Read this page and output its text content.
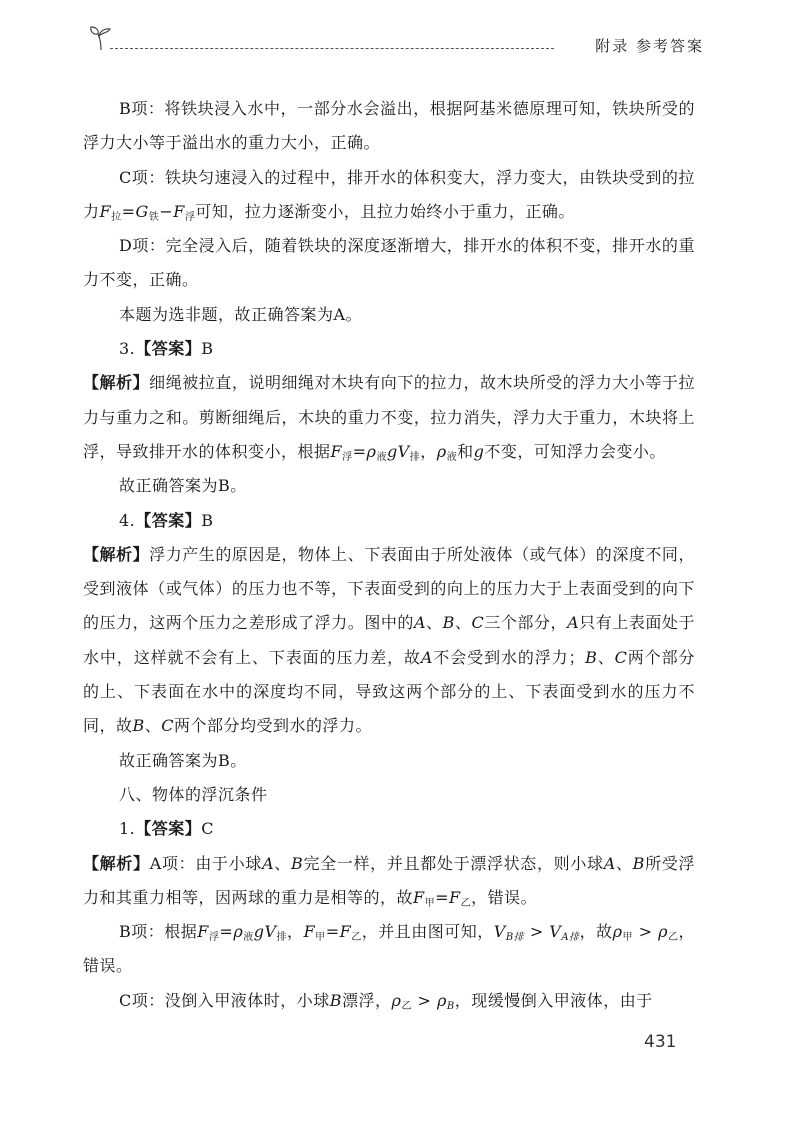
附录 参考答案

B项：将铁块浸入水中，一部分水会溢出，根据阿基米德原理可知，铁块所受的浮力大小等于溢出水的重力大小，正确。

C项：铁块匀速浸入的过程中，排开水的体积变大，浮力变大，由铁块受到的拉力$F_拉=G_铁-F_浮$可知，拉力逐渐变小，且拉力始终小于重力，正确。

D项：完全浸入后，随着铁块的深度逐渐增大，排开水的体积不变，排开水的重力不变，正确。

本题为选非题，故正确答案为A。

3.【答案】B

【解析】细绳被拉直，说明细绳对木块有向下的拉力，故木块所受的浮力大小等于拉力与重力之和。剪断细绳后，木块的重力不变，拉力消失，浮力大于重力，木块将上浮，导致排开水的体积变小，根据$F_浮=\rho_液gV_排$，$\rho_液$和g不变，可知浮力会变小。

故正确答案为B。

4.【答案】B

【解析】浮力产生的原因是，物体上、下表面由于所处液体（或气体）的深度不同，受到液体（或气体）的压力也不等，下表面受到的向上的压力大于上表面受到的向下的压力，这两个压力之差形成了浮力。图中的A、B、C三个部分，A只有上表面处于水中，这样就不会有上、下表面的压力差，故A不会受到水的浮力；B、C两个部分的上、下表面在水中的深度均不同，导致这两个部分的上、下表面受到水的压力不同，故B、C两个部分均受到水的浮力。

故正确答案为B。

八、物体的浮沉条件

1.【答案】C

【解析】A项：由于小球A、B完全一样，并且都处于漂浮状态，则小球A、B所受浮力和其重力相等，因两球的重力是相等的，故$F_甲=F_乙$，错误。

B项：根据$F_浮=\rho_液gV_排$，$F_甲=F_乙$，并且由图可知，$V_{B排} > V_{A排}$，故$\rho_甲 > \rho_乙$，错误。

C项：没倒入甲液体时，小球B漂浮，$\rho_乙 > \rho_B$，现缓慢倒入甲液体，由于

431
